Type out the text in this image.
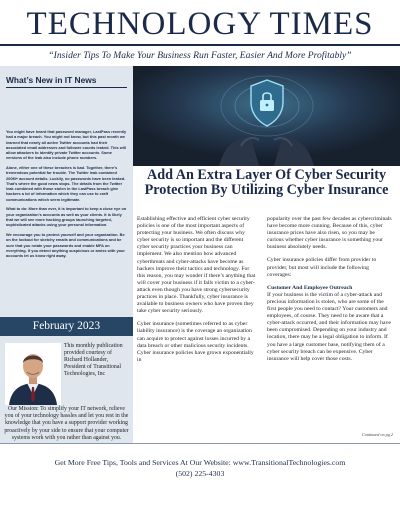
TECHNOLOGY TIMES
“Insider Tips To Make Your Business Run Faster, Easier And More Profitably”
What’s New in IT News

You might have heard that password manager, LastPass recently had a major breach. You might not know, but this past month we learned that nearly all active Twitter accounts had their associated email addresses and follower counts leaked. This will allow attackers to identify private Twitter accounts. Some versions of the leak also include phone numbers.

Alone, either one of these breaches is bad. Together, there’s tremendous potential for trouble. The Twitter leak contained 200M+ account details. Luckily, no passwords have been leaked. That’s where the good news stops. The details from the Twitter leak combined with those stolen in the LastPass breach give hackers a lot of information which they can use to craft communications which seem legitimate.

What to do: More than ever, it is important to keep a close eye on your organization’s accounts as well as your clients. It is likely that we will see more hacking groups launching targeted, sophisticated attacks using your personal information.

We encourage you to protect yourself and your organization. Be on the lookout for sketchy emails and communications and be sure that you rotate your passwords and enable MFA on everything. If you detect anything suspicious or amiss with your accounts let us know right away.

February 2023
This monthly publication provided courtesy of Richard Hollander, President of Transitional Technologies, Inc
Our Mission: To simplify your IT network, relieve you of your technology hassles and let you rest in the knowledge that you have a support provider working proactively by your side to ensure that your computer systems work with you rather than against you.
Add An Extra Layer Of Cyber Security Protection By Utilizing Cyber Insurance

Establishing effective and efficient cyber security policies is one of the most important aspects of protecting your business. We often discuss why cyber security is so important and the different cyber security practices your business can implement. We also mention how advanced cyberthreats and cyber-attacks have become as hackers improve their tactics and technology. For this reason, you may wonder if there’s anything that will cover your business if it falls victim to a cyber-attack even though you have strong cybersecurity practices in place. Thankfully, cyber insurance is available to business owners who have proven they take cyber security seriously.

Cyber insurance (sometimes referred to as cyber liability insurance) is the coverage an organization can acquire to protect against losses incurred by a data breach or other malicious security incidents. Cyber insurance policies have grown exponentially in

popularity over the past few decades as cybercriminals have become more cunning. Because of this, cyber insurance prices have also risen, so you may be curious whether cyber insurance is something your business absolutely needs.

Cyber insurance policies differ from provider to provider, but most will include the following coverages:

Customer And Employee Outreach

If your business is the victim of a cyber-attack and precious information is stolen, who are some of the first people you need to contact? Your customers and employees, of course. They need to be aware that a cyber-attack occurred, and their information may have been compromised. Depending on your industry and location, there may be a legal obligation to inform. If you have a large customer base, notifying them of a cyber security breach can be expensive. Cyber insurance will help cover those costs.

Continued on pg.2
Get More Free Tips, Tools and Services At Our Website: www.TransitionalTechnologies.com
(502) 225-4303
